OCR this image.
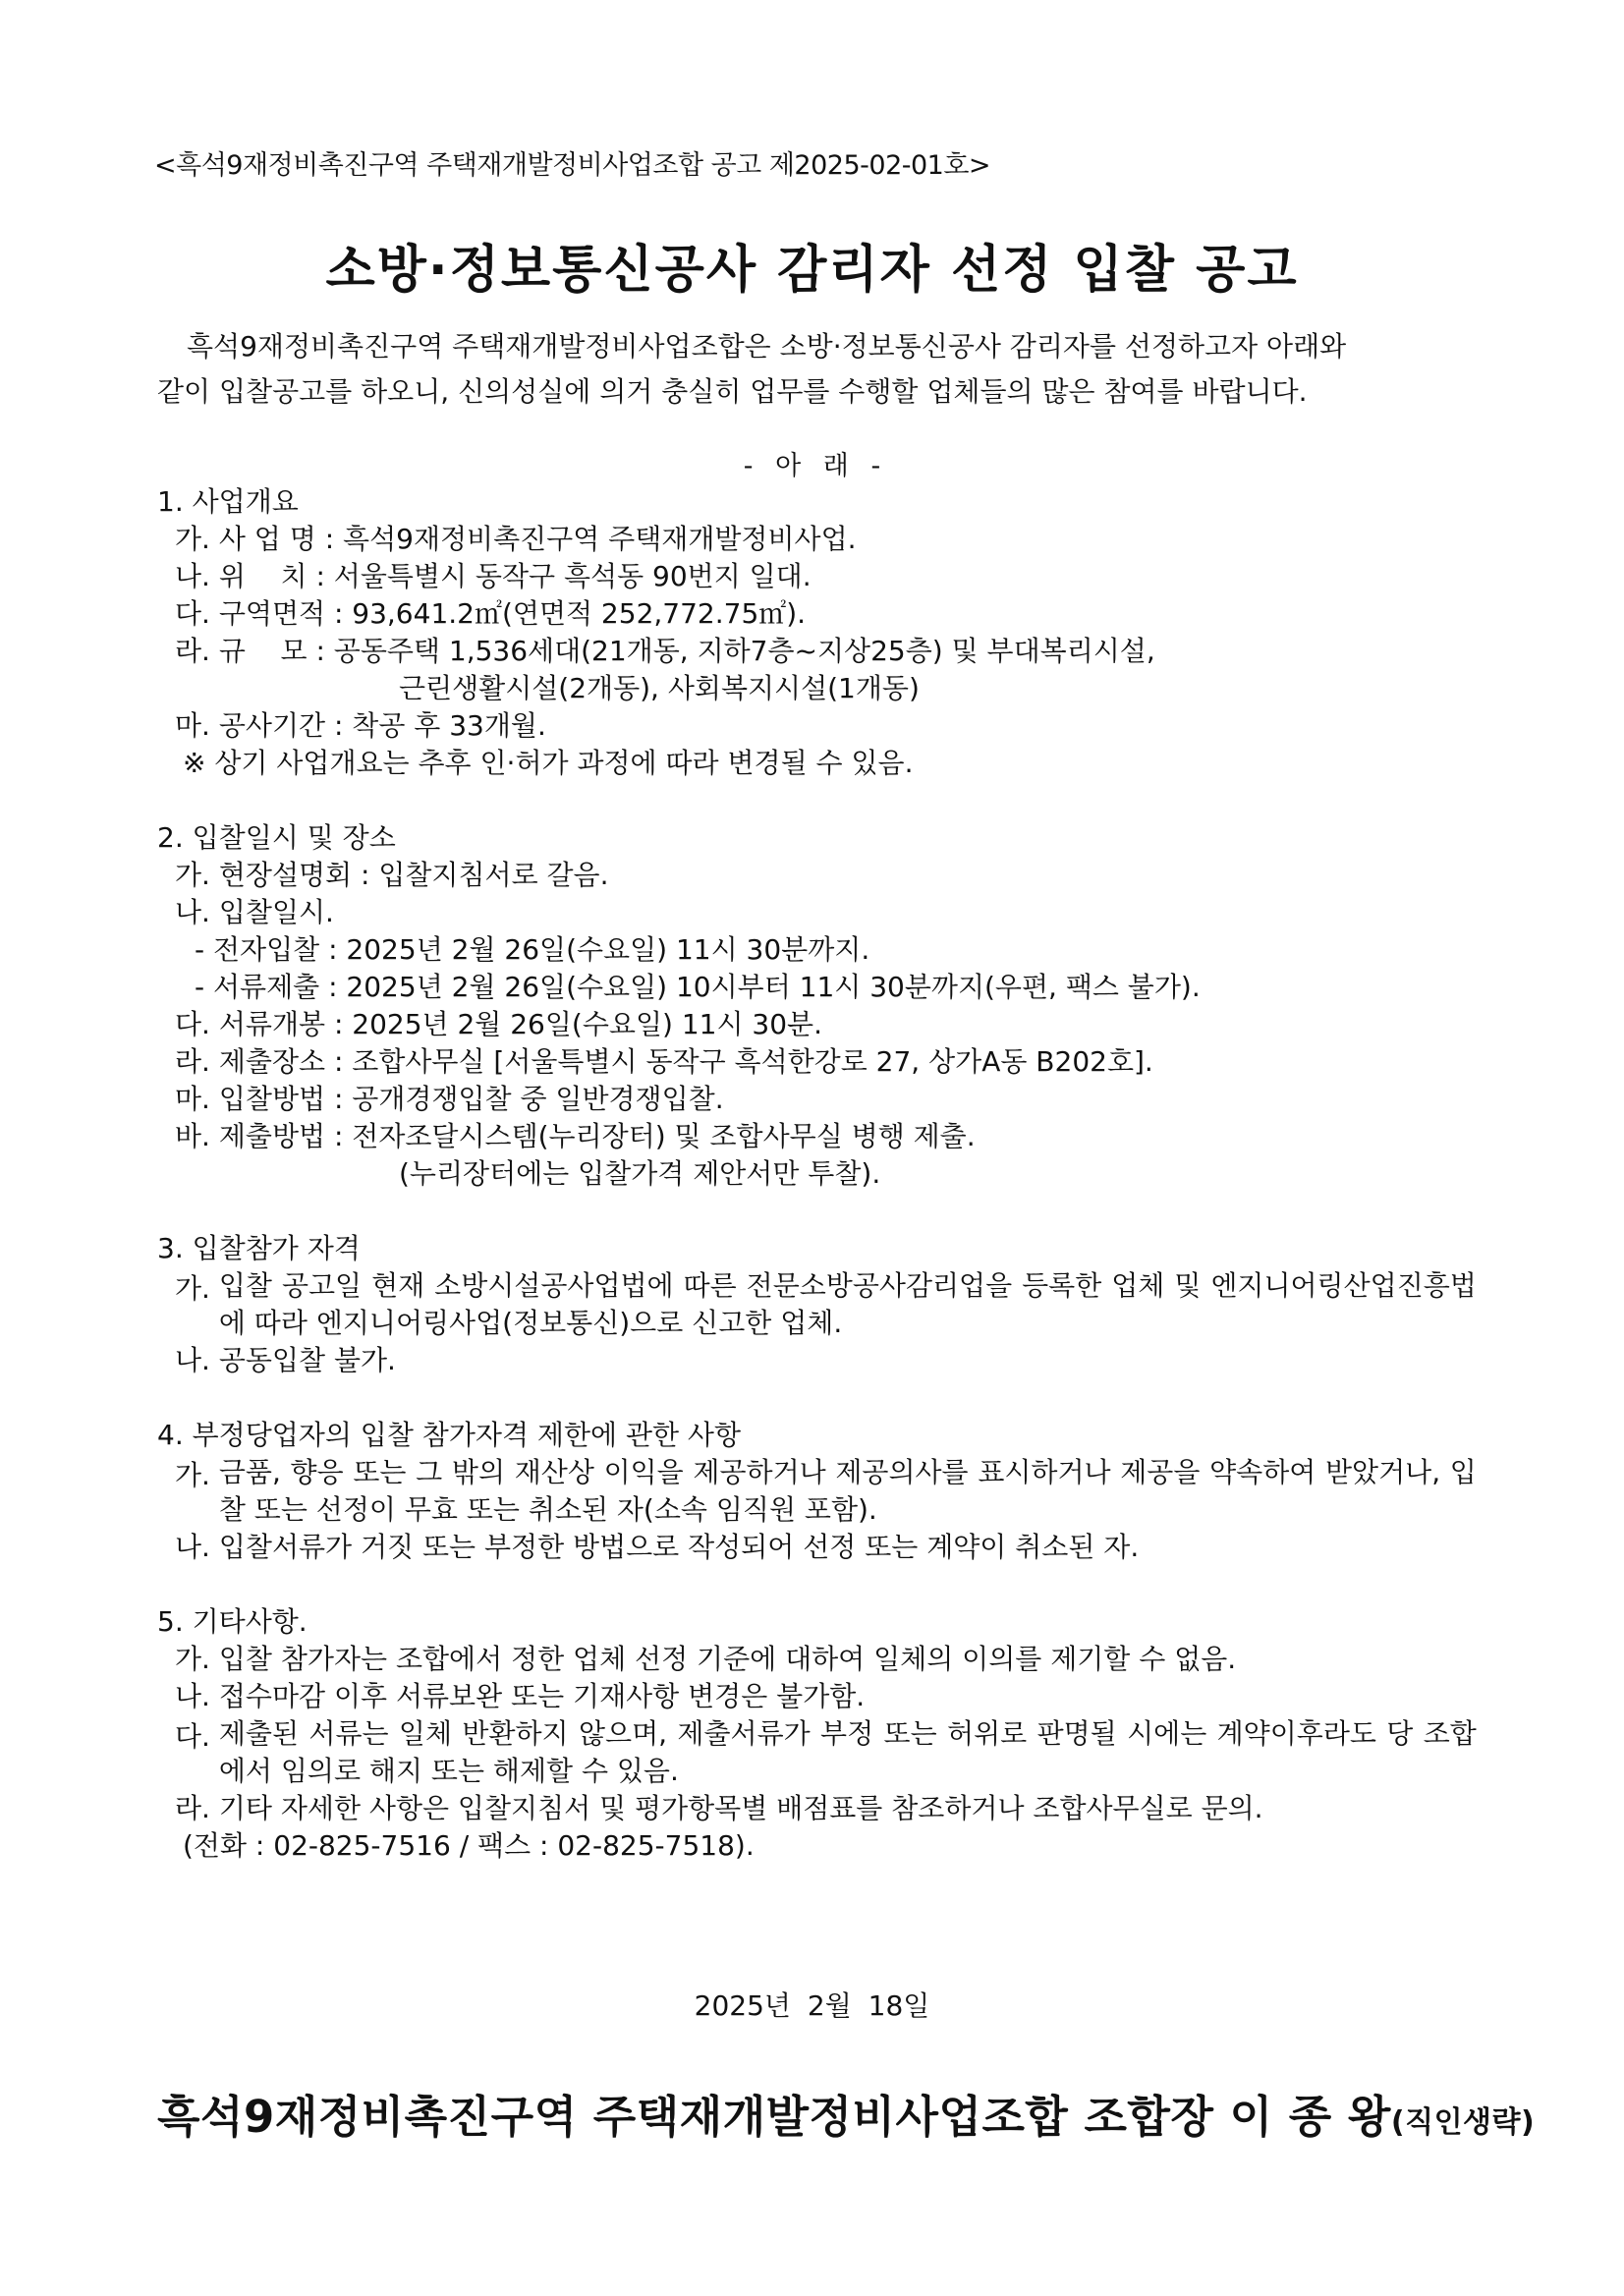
<흑석9재정비촉진구역 주택재개발정비사업조합 공고 제2025-02-01호>
소방·정보통신공사 감리자 선정 입찰 공고
흑석9재정비촉진구역 주택재개발정비사업조합은 소방·정보통신공사 감리자를 선정하고자 아래와
같이 입찰공고를 하오니, 신의성실에 의거 충실히 업무를 수행할 업체들의 많은 참여를 바랍니다.
- 아 래 -
1. 사업개요
가. 사 업 명 : 흑석9재정비촉진구역 주택재개발정비사업.
나. 위    치 : 서울특별시 동작구 흑석동 90번지 일대.
다. 구역면적 : 93,641.2㎡(연면적 252,772.75㎡).
라. 규    모 : 공동주택 1,536세대(21개동, 지하7층~지상25층) 및 부대복리시설,
근린생활시설(2개동), 사회복지시설(1개동)
마. 공사기간 : 착공 후 33개월.
※ 상기 사업개요는 추후 인·허가 과정에 따라 변경될 수 있음.
2. 입찰일시 및 장소
가. 현장설명회 : 입찰지침서로 갈음.
나. 입찰일시.
- 전자입찰 : 2025년 2월 26일(수요일) 11시 30분까지.
- 서류제출 : 2025년 2월 26일(수요일) 10시부터 11시 30분까지(우편, 팩스 불가).
다. 서류개봉 : 2025년 2월 26일(수요일) 11시 30분.
라. 제출장소 : 조합사무실 [서울특별시 동작구 흑석한강로 27, 상가A동 B202호].
마. 입찰방법 : 공개경쟁입찰 중 일반경쟁입찰.
바. 제출방법 : 전자조달시스템(누리장터) 및 조합사무실 병행 제출.
(누리장터에는 입찰가격 제안서만 투찰).
3. 입찰참가 자격
가. 입찰 공고일 현재 소방시설공사업법에 따른 전문소방공사감리업을 등록한 업체 및 엔지니어링산업진흥법에 따라 엔지니어링사업(정보통신)으로 신고한 업체.
나. 공동입찰 불가.
4. 부정당업자의 입찰 참가자격 제한에 관한 사항
가. 금품, 향응 또는 그 밖의 재산상 이익을 제공하거나 제공의사를 표시하거나 제공을 약속하여 받았거나, 입찰 또는 선정이 무효 또는 취소된 자(소속 임직원 포함).
나. 입찰서류가 거짓 또는 부정한 방법으로 작성되어 선정 또는 계약이 취소된 자.
5. 기타사항.
가. 입찰 참가자는 조합에서 정한 업체 선정 기준에 대하여 일체의 이의를 제기할 수 없음.
나. 접수마감 이후 서류보완 또는 기재사항 변경은 불가함.
다. 제출된 서류는 일체 반환하지 않으며, 제출서류가 부정 또는 허위로 판명될 시에는 계약이후라도 당 조합에서 임의로 해지 또는 해제할 수 있음.
라. 기타 자세한 사항은 입찰지침서 및 평가항목별 배점표를 참조하거나 조합사무실로 문의.
(전화 : 02-825-7516 / 팩스 : 02-825-7518).
2025년 2월 18일
흑석9재정비촉진구역 주택재개발정비사업조합 조합장 이 종 왕(직인생략)
